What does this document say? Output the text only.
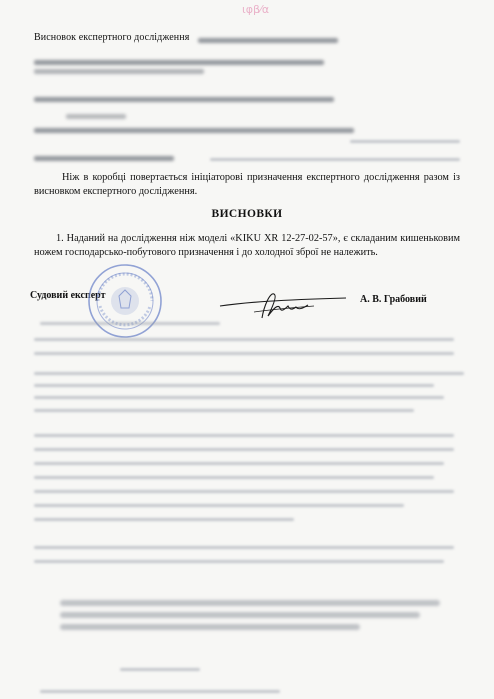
ιφβ⁄α
Висновок експертного дослідження
Ніж в коробці повертається ініціаторові призначення експертного дослідження разом із висновком експертного дослідження.
ВИСНОВКИ
1. Наданий на дослідження ніж моделі «KIKU XR 12-27-02-57», є складаним кишеньковим ножем господарсько-побутового призначення і до холодної зброї не належить.
Судовий експерт	А. В. Грабовий
